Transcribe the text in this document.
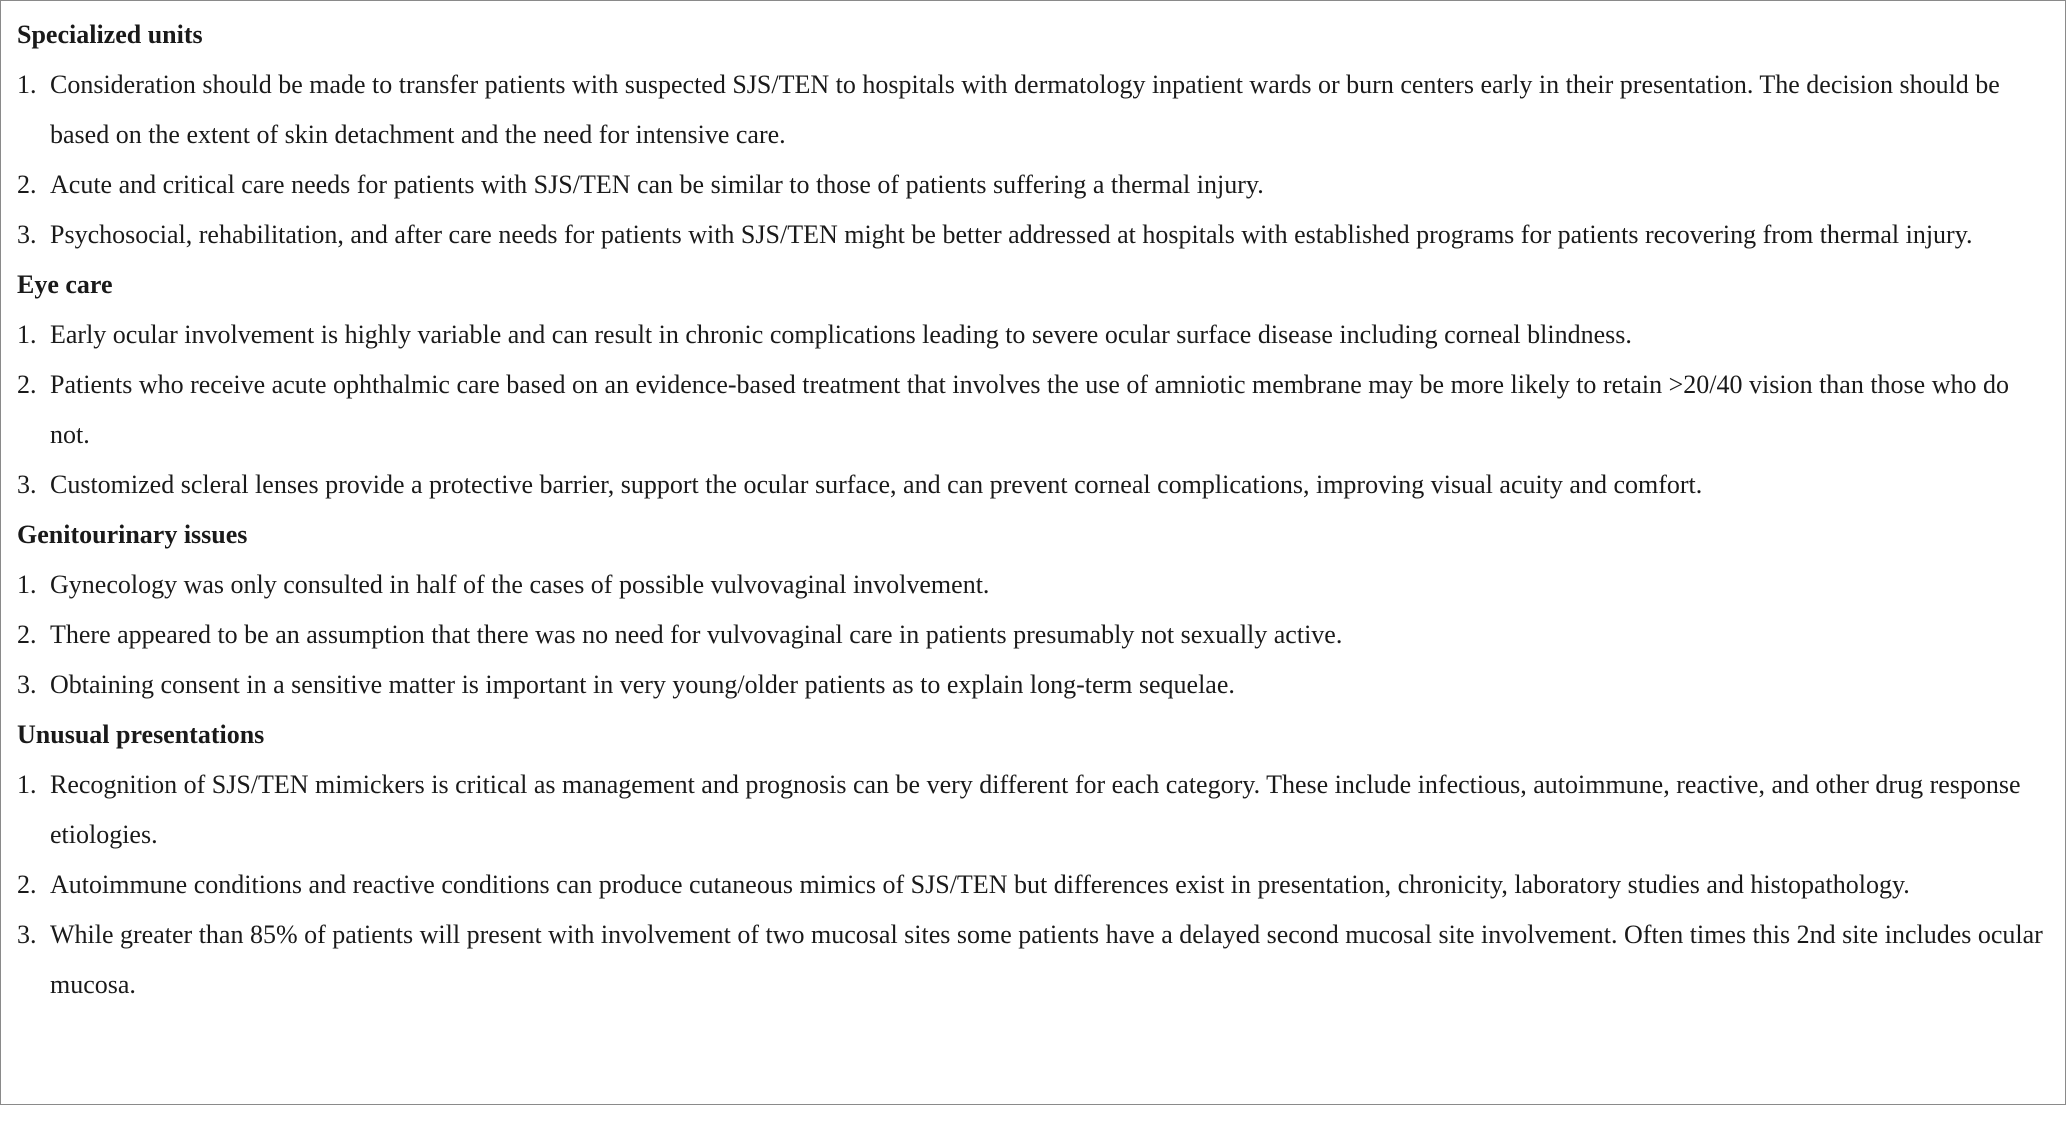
Specialized units
1. Consideration should be made to transfer patients with suspected SJS/TEN to hospitals with dermatology inpatient wards or burn centers early in their presentation. The decision should be based on the extent of skin detachment and the need for intensive care.
2. Acute and critical care needs for patients with SJS/TEN can be similar to those of patients suffering a thermal injury.
3. Psychosocial, rehabilitation, and after care needs for patients with SJS/TEN might be better addressed at hospitals with established programs for patients recovering from thermal injury.
Eye care
1. Early ocular involvement is highly variable and can result in chronic complications leading to severe ocular surface disease including corneal blindness.
2. Patients who receive acute ophthalmic care based on an evidence-based treatment that involves the use of amniotic membrane may be more likely to retain >20/40 vision than those who do not.
3. Customized scleral lenses provide a protective barrier, support the ocular surface, and can prevent corneal complications, improving visual acuity and comfort.
Genitourinary issues
1. Gynecology was only consulted in half of the cases of possible vulvovaginal involvement.
2. There appeared to be an assumption that there was no need for vulvovaginal care in patients presumably not sexually active.
3. Obtaining consent in a sensitive matter is important in very young/older patients as to explain long-term sequelae.
Unusual presentations
1. Recognition of SJS/TEN mimickers is critical as management and prognosis can be very different for each category. These include infectious, autoimmune, reactive, and other drug response etiologies.
2. Autoimmune conditions and reactive conditions can produce cutaneous mimics of SJS/TEN but differences exist in presentation, chronicity, laboratory studies and histopathology.
3. While greater than 85% of patients will present with involvement of two mucosal sites some patients have a delayed second mucosal site involvement. Often times this 2nd site includes ocular mucosa.
